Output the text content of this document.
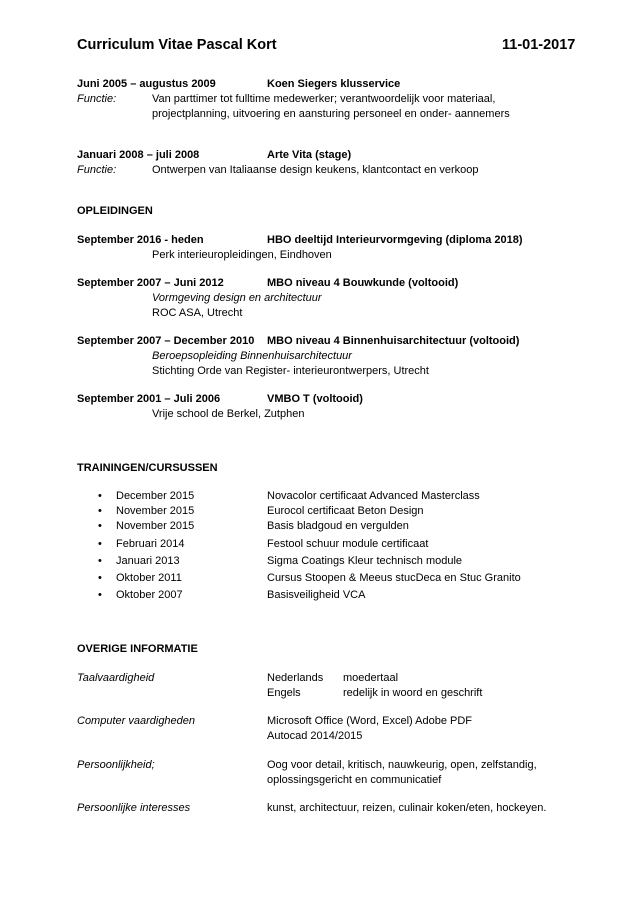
Curriculum Vitae Pascal Kort	11-01-2017
Juni 2005 – augustus 2009	Koen Siegers klusservice
Functie:	Van parttimer tot fulltime medewerker; verantwoordelijk voor materiaal,
projectplanning, uitvoering en aansturing personeel en onder- aannemers
Januari 2008 – juli 2008	Arte Vita (stage)
Functie:	Ontwerpen van Italiaanse design keukens, klantcontact en verkoop
OPLEIDINGEN
September 2016 - heden	HBO deeltijd Interieurvormgeving (diploma 2018)
Perk interieuropleidingen, Eindhoven
September 2007 – Juni 2012	MBO niveau 4 Bouwkunde (voltooid)
Vormgeving design en architectuur
ROC ASA, Utrecht
September 2007 – December 2010 MBO niveau 4 Binnenhuisarchitectuur (voltooid)
Beroepsopleiding Binnenhuisarchitectuur
Stichting Orde van Register- interieurontwerpers, Utrecht
September 2001 – Juli 2006	VMBO T (voltooid)
Vrije school de Berkel, Zutphen
TRAININGEN/CURSUSSEN
• December 2015	Novacolor certificaat Advanced Masterclass
• November 2015	Eurocol certificaat Beton Design
• November 2015	Basis bladgoud en vergulden
• Februari 2014	Festool schuur module certificaat
• Januari 2013	Sigma Coatings Kleur technisch module
• Oktober 2011	Cursus Stoopen & Meeus stucDeca en Stuc Granito
• Oktober 2007	Basisveiligheid VCA
OVERIGE INFORMATIE
Taalvaardigheid	Nederlands moedertaal
Engels	redelijk in woord en geschrift
Computer vaardigheden	Microsoft Office (Word, Excel) Adobe PDF
Autocad 2014/2015
Persoonlijkheid;	Oog voor detail, kritisch, nauwkeurig, open, zelfstandig,
oplossingsgericht en communicatief
Persoonlijke interesses	kunst, architectuur, reizen, culinair koken/eten, hockeyen.
